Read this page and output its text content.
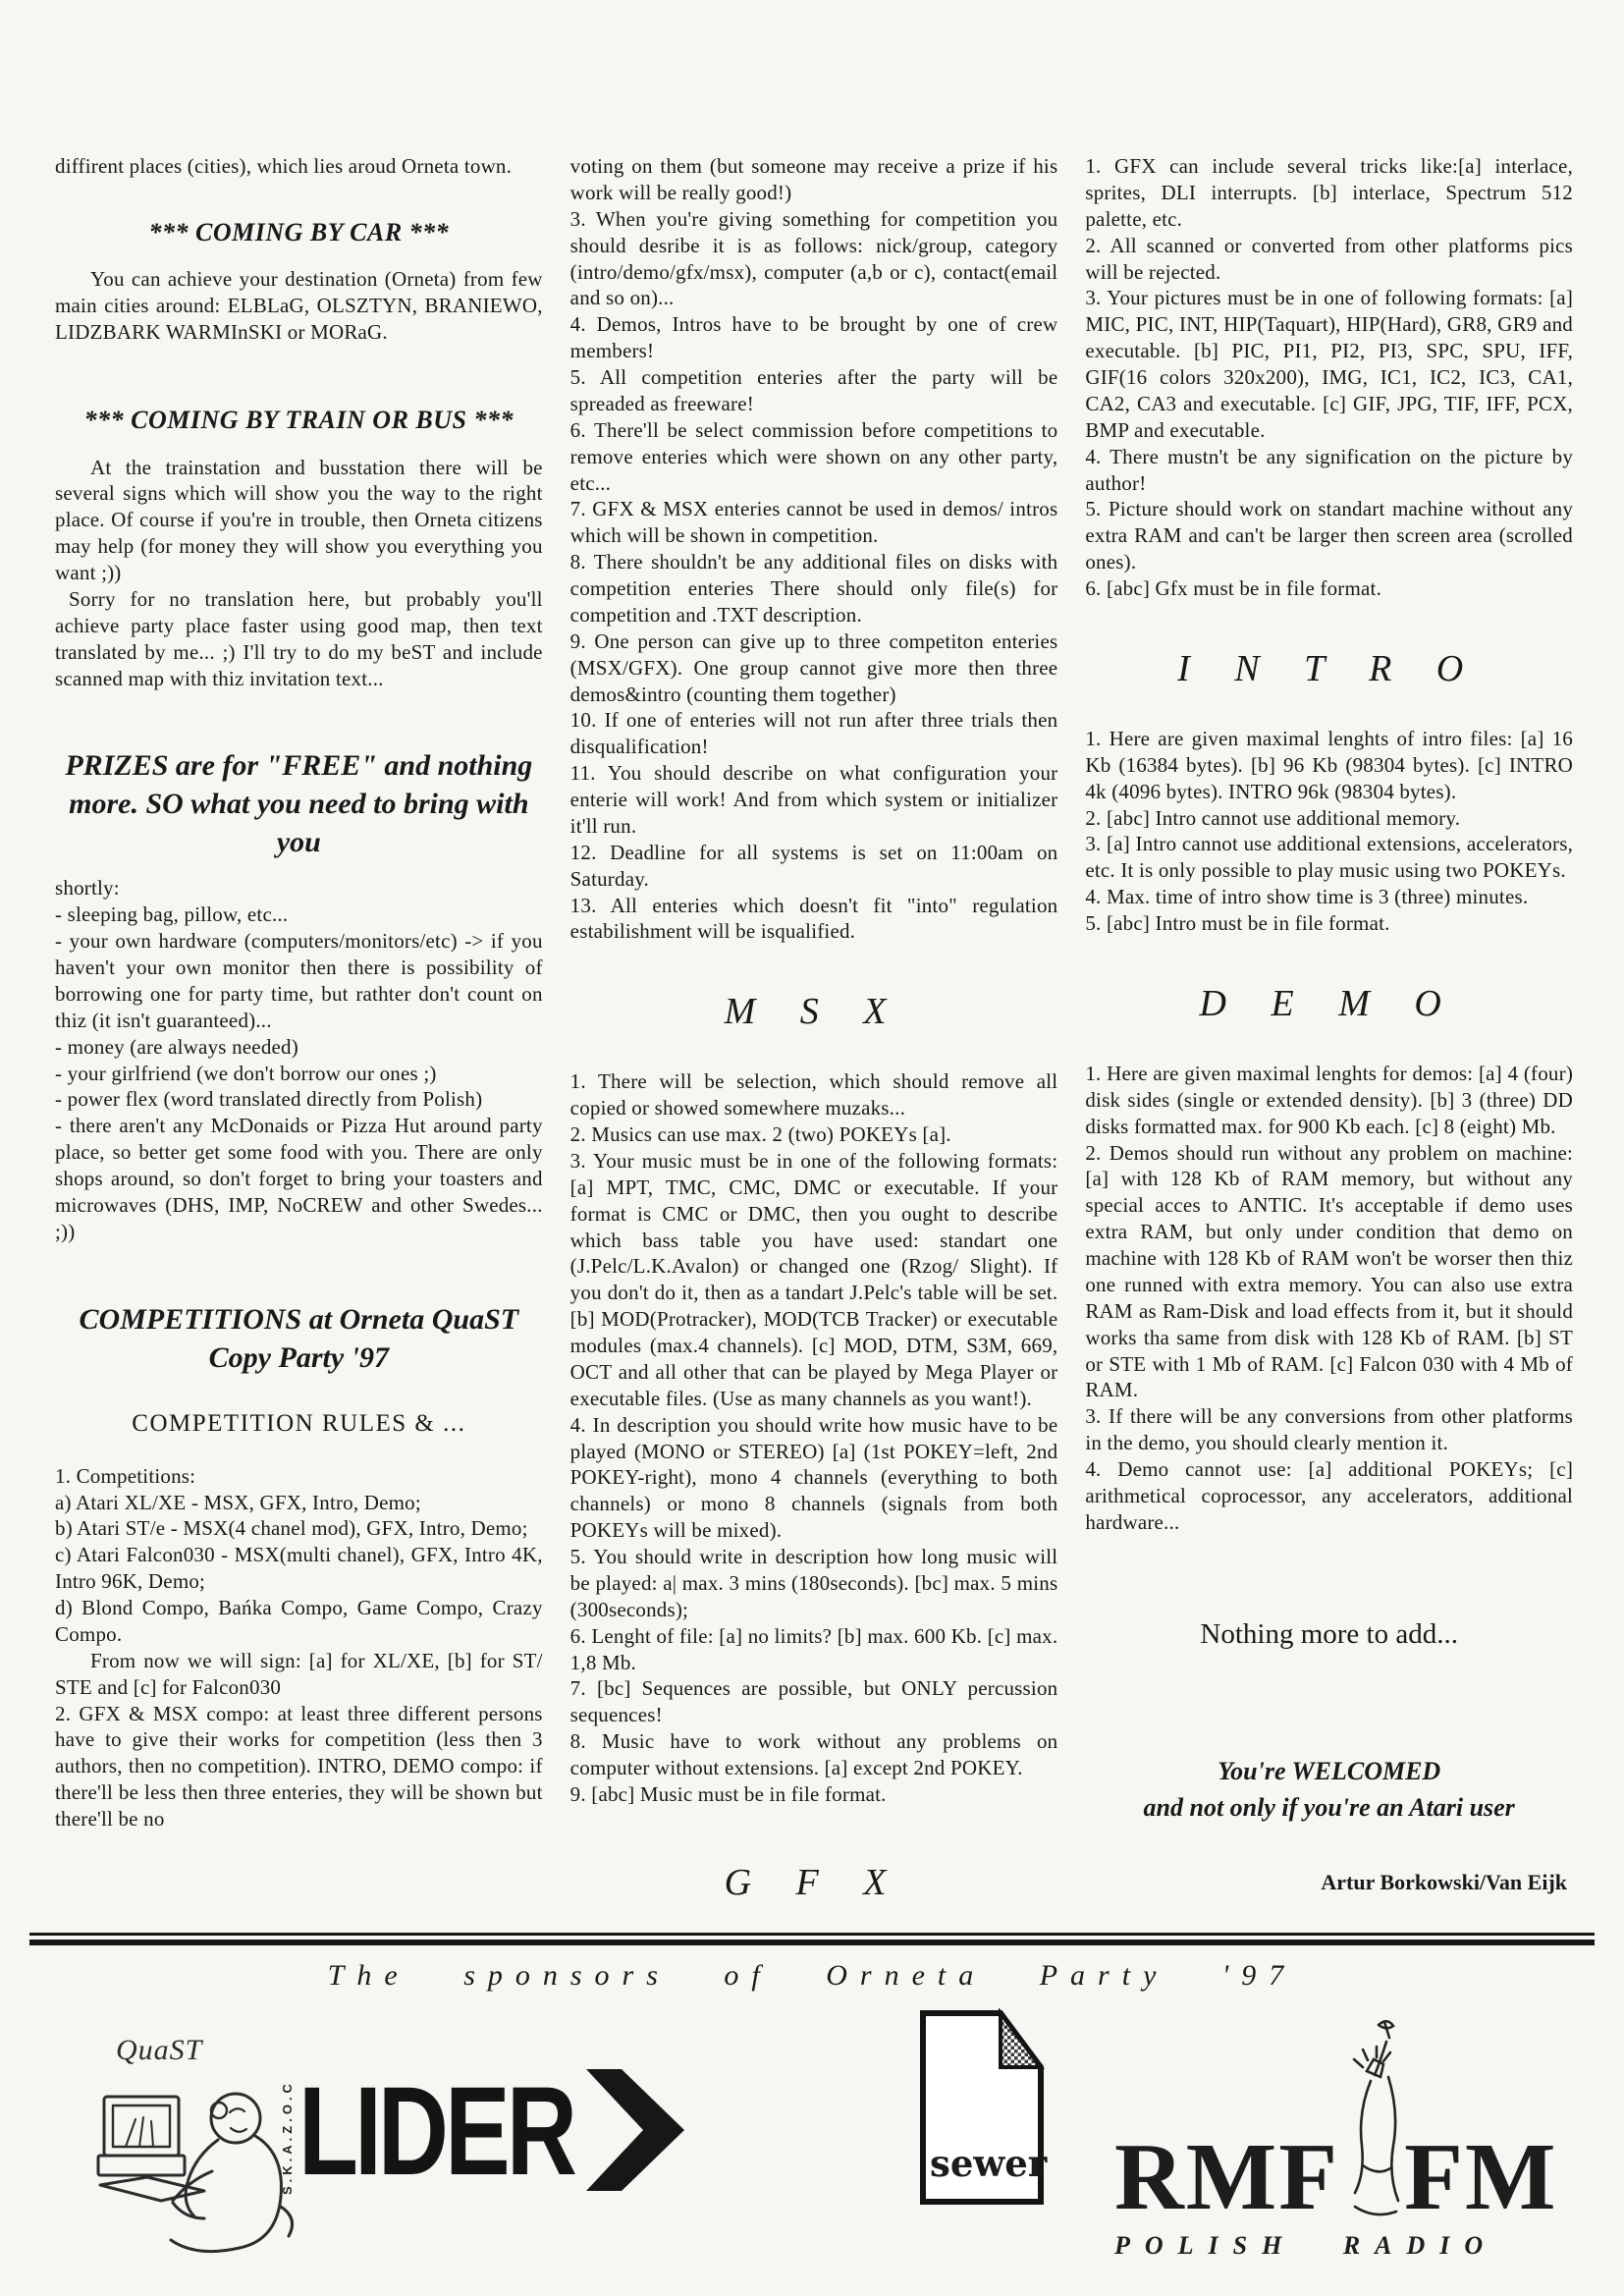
diffirent places (cities), which lies aroud Orneta town.

*** COMING BY CAR ***

You can achieve your destination (Orneta) from few main cities around: ELBLaG, OLSZTYN, BRANIEWO, LIDZBARK WARMInSKI or MORaG.

*** COMING BY TRAIN OR BUS ***

At the trainstation and busstation there will be several signs which will show you the way to the right place. Of course if you're in trouble, then Orneta citizens may help (for money they will show you everything you want ;))

Sorry for no translation here, but probably you'll achieve party place faster using good map, then text translated by me... ;) I'll try to do my beST and include scanned map with thiz invitation text...

PRIZES are for "FREE" and nothing more. SO what you need to bring with you

shortly:

- sleeping bag, pillow, etc...

- your own hardware (computers/monitors/etc) -> if you haven't your own monitor then there is possibility of borrowing one for party time, but rathter don't count on thiz (it isn't guaranteed)...

- money (are always needed)

- your girlfriend (we don't borrow our ones ;)

- power flex (word translated directly from Polish)

- there aren't any McDonaids or Pizza Hut around party place, so better get some food with you. There are only shops around, so don't forget to bring your toasters and microwaves (DHS, IMP, NoCREW and other Swedes... ;))

COMPETITIONS at Orneta QuaST Copy Party '97
COMPETITION RULES & ...

1. Competitions:

a) Atari XL/XE - MSX, GFX, Intro, Demo;

b) Atari ST/e - MSX(4 chanel mod), GFX, Intro, Demo;

c) Atari Falcon030 - MSX(multi chanel), GFX, Intro 4K, Intro 96K, Demo;

d) Blond Compo, Bańka Compo, Game Compo, Crazy Compo.

From now we will sign: [a] for XL/XE, [b] for ST/ STE and [c] for Falcon030

2. GFX & MSX compo: at least three different persons have to give their works for competition (less then 3 authors, then no competition). INTRO, DEMO compo: if there'll be less then three enteries, they will be shown but there'll be no

voting on them (but someone may receive a prize if his work will be really good!)

3. When you're giving something for competition you should desribe it is as follows: nick/group, category (intro/demo/gfx/msx), computer (a,b or c), contact(email and so on)...

4. Demos, Intros have to be brought by one of crew members!

5. All competition enteries after the party will be spreaded as freeware!

6. There'll be select commission before competitions to remove enteries which were shown on any other party, etc...

7. GFX & MSX enteries cannot be used in demos/ intros which will be shown in competition.

8. There shouldn't be any additional files on disks with competition enteries There should only file(s) for competition and .TXT description.

9. One person can give up to three competiton enteries (MSX/GFX). One group cannot give more then three demos&intro (counting them together)

10. If one of enteries will not run after three trials then disqualification!

11. You should describe on what configuration your enterie will work! And from which system or initializer it'll run.

12. Deadline for all systems is set on 11:00am on Saturday.

13. All enteries which doesn't fit "into" regulation estabilishment will be isqualified.

M S X

1. There will be selection, which should remove all copied or showed somewhere muzaks...

2. Musics can use max. 2 (two) POKEYs [a].

3. Your music must be in one of the following formats: [a] MPT, TMC, CMC, DMC or executable. If your format is CMC or DMC, then you ought to describe which bass table you have used: standart one (J.Pelc/L.K.Avalon) or changed one (Rzog/ Slight). If you don't do it, then as a tandart J.Pelc's table will be set. [b] MOD(Protracker), MOD(TCB Tracker) or executable modules (max.4 channels). [c] MOD, DTM, S3M, 669, OCT and all other that can be played by Mega Player or executable files. (Use as many channels as you want!).

4. In description you should write how music have to be played (MONO or STEREO) [a] (1st POKEY=left, 2nd POKEY-right), mono 4 channels (everything to both channels) or mono 8 channels (signals from both POKEYs will be mixed).

5. You should write in description how long music will be played: a| max. 3 mins (180seconds). [bc] max. 5 mins (300seconds);

6. Lenght of file: [a] no limits? [b] max. 600 Kb. [c] max. 1,8 Mb.

7. [bc] Sequences are possible, but ONLY percussion sequences!

8. Music have to work without any problems on computer without extensions. [a] except 2nd POKEY.

9. [abc] Music must be in file format.

G F X

1. GFX can include several tricks like:[a] interlace, sprites, DLI interrupts. [b] interlace, Spectrum 512 palette, etc.

2. All scanned or converted from other platforms pics will be rejected.

3. Your pictures must be in one of following formats: [a] MIC, PIC, INT, HIP(Taquart), HIP(Hard), GR8, GR9 and executable. [b] PIC, PI1, PI2, PI3, SPC, SPU, IFF, GIF(16 colors 320x200), IMG, IC1, IC2, IC3, CA1, CA2, CA3 and executable. [c] GIF, JPG, TIF, IFF, PCX, BMP and executable.

4. There mustn't be any signification on the picture by author!

5. Picture should work on standart machine without any extra RAM and can't be larger then screen area (scrolled ones).

6. [abc] Gfx must be in file format.

I N T R O

1. Here are given maximal lenghts of intro files: [a] 16 Kb (16384 bytes). [b] 96 Kb (98304 bytes). [c] INTRO 4k (4096 bytes). INTRO 96k (98304 bytes).

2. [abc] Intro cannot use additional memory.

3. [a] Intro cannot use additional extensions, accelerators, etc. It is only possible to play music using two POKEYs.

4. Max. time of intro show time is 3 (three) minutes.

5. [abc] Intro must be in file format.

D E M O

1. Here are given maximal lenghts for demos: [a] 4 (four) disk sides (single or extended density). [b] 3 (three) DD disks formatted max. for 900 Kb each. [c] 8 (eight) Mb.

2. Demos should run without any problem on machine: [a] with 128 Kb of RAM memory, but without any special acces to ANTIC. It's acceptable if demo uses extra RAM, but only under condition that demo on machine with 128 Kb of RAM won't be worser then thiz one runned with extra memory. You can also use extra RAM as Ram-Disk and load effects from it, but it should works tha same from disk with 128 Kb of RAM. [b] ST or STE with 1 Mb of RAM. [c] Falcon 030 with 4 Mb of RAM.

3. If there will be any conversions from other platforms in the demo, you should clearly mention it.

4. Demo cannot use: [a] additional POKEYs; [c] arithmetical coprocessor, any accelerators, additional hardware...

Nothing more to add...
You're WELCOMED
and not only if you're an Atari user
Artur Borkowski/Van Eijk
The sponsors of Orneta Party '97
QuaST
S.K.A.Z.O.C LIDER	sewer RMF FM
POLISH RADIO
